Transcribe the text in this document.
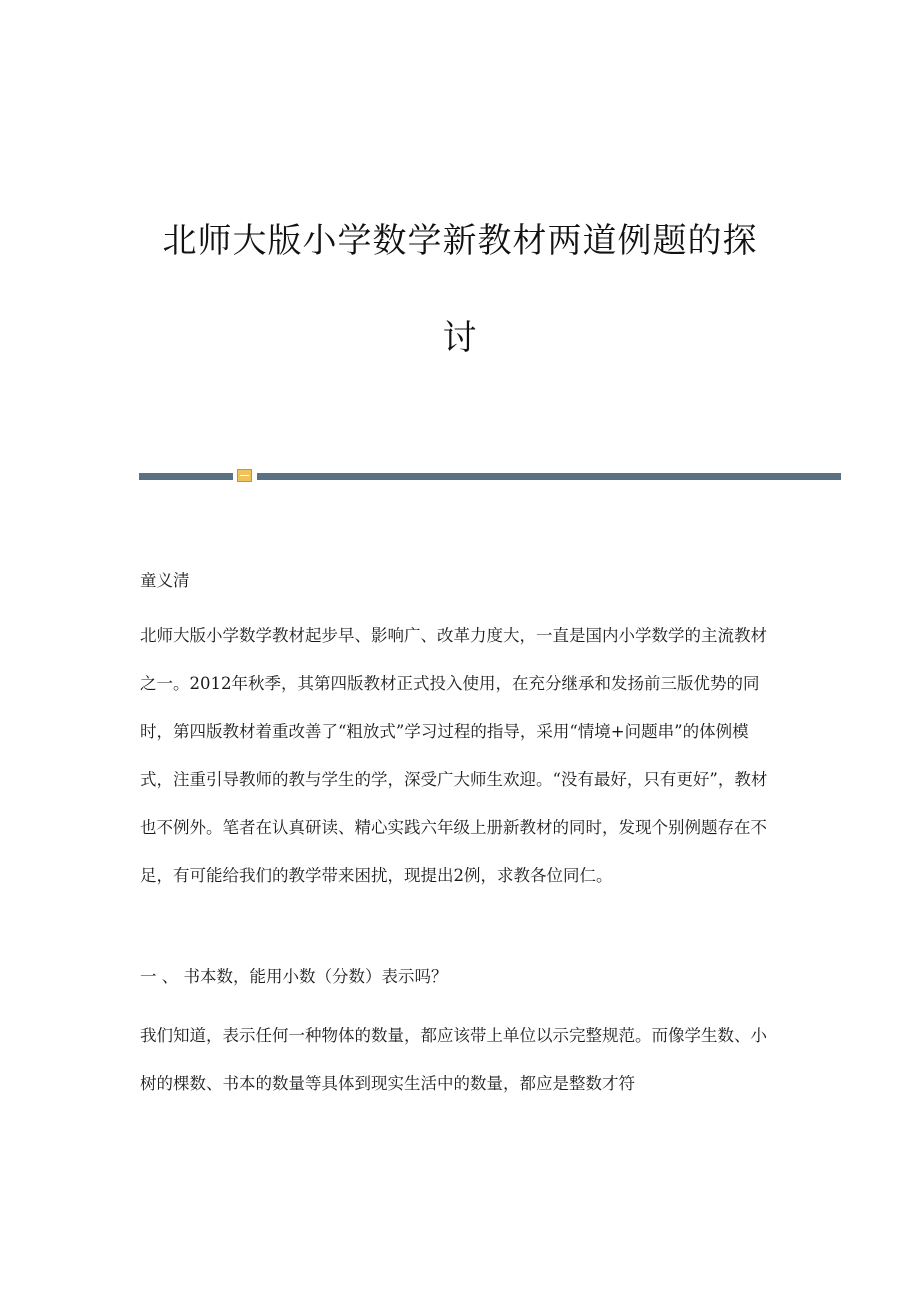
北师大版小学数学新教材两道例题的探
讨

童义清

北师大版小学数学教材起步早、影响广、改革力度大，一直是国内小学数学的主流教材之一。2012年秋季，其第四版教材正式投入使用，在充分继承和发扬前三版优势的同时，第四版教材着重改善了“粗放式”学习过程的指导，采用“情境+问题串”的体例模式，注重引导教师的教与学生的学，深受广大师生欢迎。“没有最好，只有更好”，教材也不例外。笔者在认真研读、精心实践六年级上册新教材的同时，发现个别例题存在不足，有可能给我们的教学带来困扰，现提出2例，求教各位同仁。

一 、 书本数，能用小数（分数）表示吗？

我们知道，表示任何一种物体的数量，都应该带上单位以示完整规范。而像学生数、小树的棵数、书本的数量等具体到现实生活中的数量，都应是整数才符
